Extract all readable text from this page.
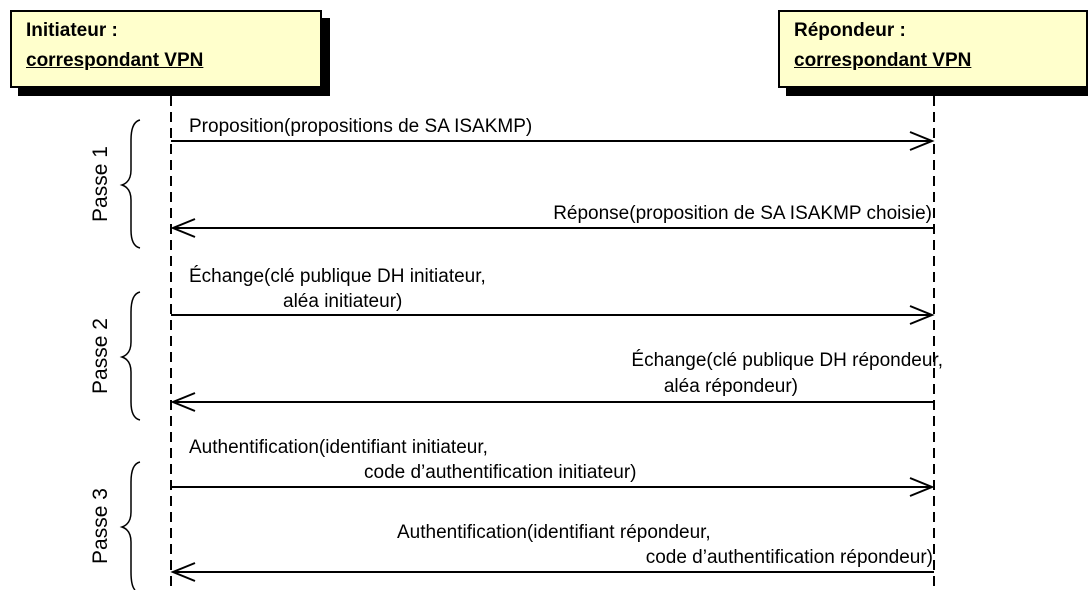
Initiateur :
correspondant VPN
Répondeur :
correspondant VPN
Passe 1
Passe 2
Passe 3
Proposition(propositions de SA ISAKMP)
Réponse(proposition de SA ISAKMP choisie)
Échange(clé publique DH initiateur,
aléa initiateur)
Échange(clé publique DH répondeur,
aléa répondeur)
Authentification(identifiant initiateur,
code d’authentification initiateur)
Authentification(identifiant répondeur,
code d’authentification répondeur)
